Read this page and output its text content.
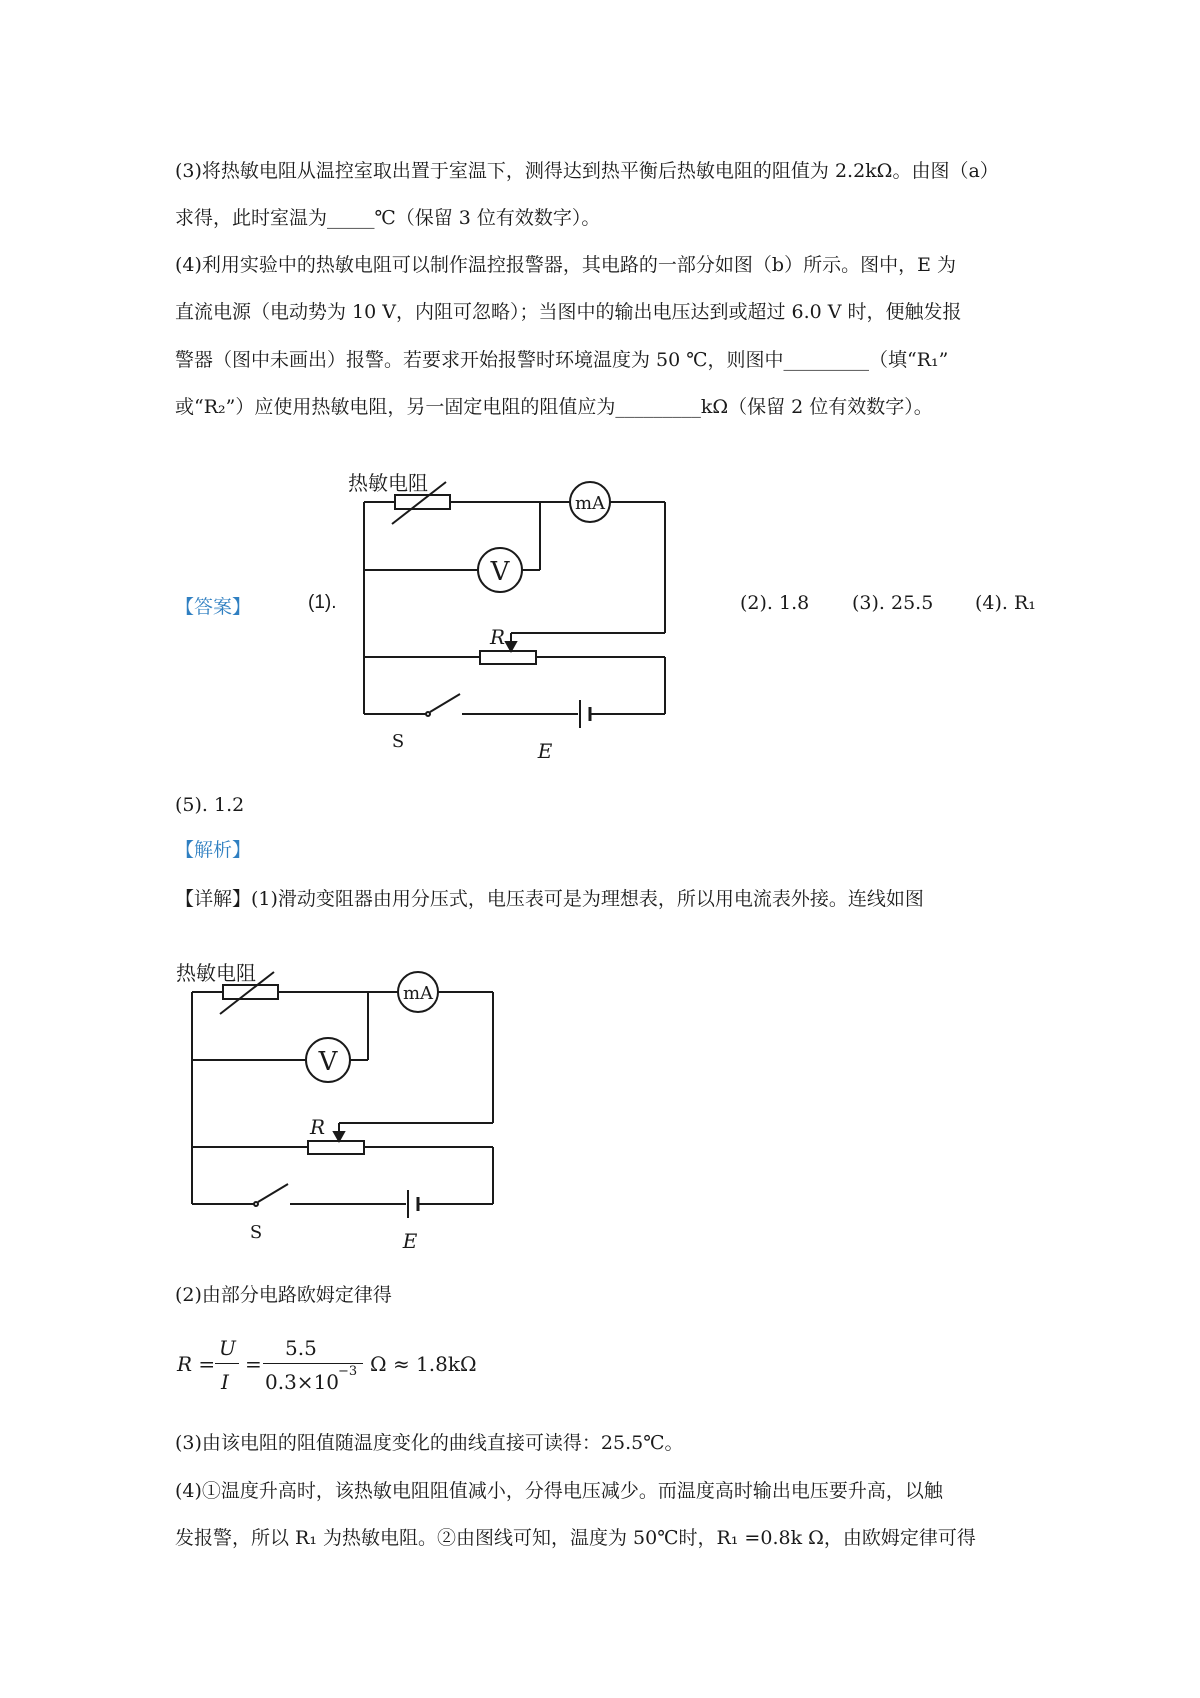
(3)将热敏电阻从温控室取出置于室温下，测得达到热平衡后热敏电阻的阻值为 2.2kΩ。由图（a）
求得，此时室温为_____℃（保留 3 位有效数字）。
(4)利用实验中的热敏电阻可以制作温控报警器，其电路的一部分如图（b）所示。图中，E 为
直流电源（电动势为 10 V，内阻可忽略）；当图中的输出电压达到或超过 6.0 V 时，便触发报
警器（图中未画出）报警。若要求开始报警时环境温度为 50 ℃，则图中_________（填“R₁”
或“R₂”）应使用热敏电阻，另一固定电阻的阻值应为_________kΩ（保留 2 位有效数字）。
【答案】	(1).	(2). 1.8 (3). 25.5 (4). R₁
热敏电阻
mA
V
R
S	E
(5). 1.2
【解析】
【详解】(1)滑动变阻器由用分压式，电压表可是为理想表，所以用电流表外接。连线如图
热敏电阻
mA
V
R
S	E
(2)由部分电路欧姆定律得
R =
U
I
=
5.5
0.3×10
−3 Ω ≈ 1.8kΩ
(3)由该电阻的阻值随温度变化的曲线直接可读得：25.5℃。
(4)①温度升高时，该热敏电阻阻值减小，分得电压减少。而温度高时输出电压要升高，以触
发报警，所以 R₁ 为热敏电阻。②由图线可知，温度为 50℃时，R₁ =0.8k Ω，由欧姆定律可得
